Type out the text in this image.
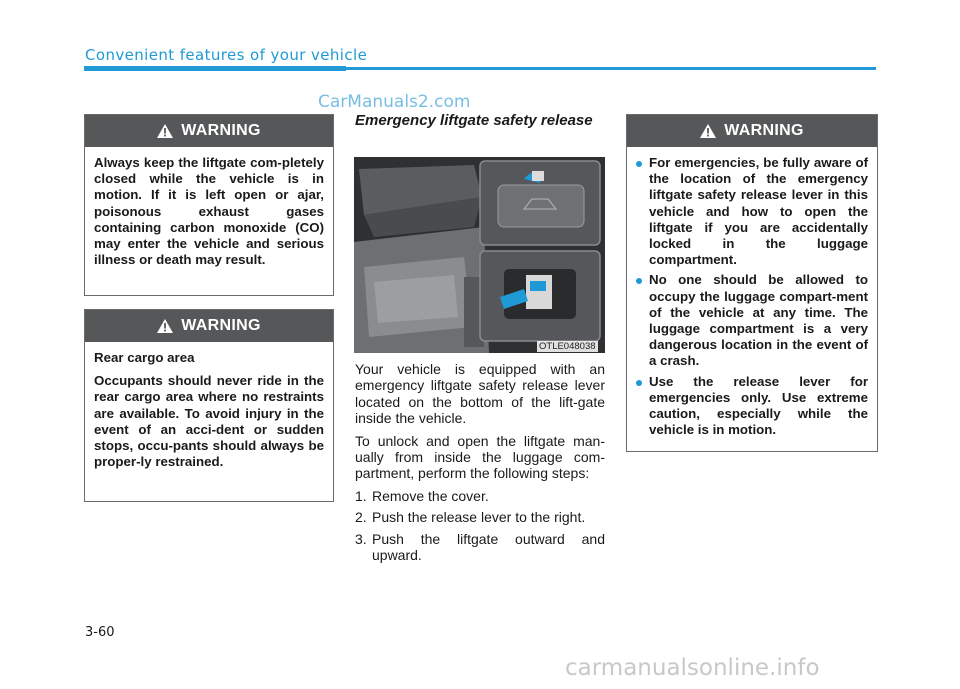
Convenient features of your vehicle
CarManuals2.com
WARNING

Always keep the liftgate com-pletely closed while the vehicle is in motion. If it is left open or ajar, poisonous exhaust gases containing carbon monoxide (CO) may enter the vehicle and serious illness or death may result.

WARNING

Rear cargo area

Occupants should never ride in the rear cargo area where no restraints are available. To avoid injury in the event of an acci-dent or sudden stops, occu-pants should always be proper-ly restrained.

Emergency liftgate safety release
OTLE048038

Your vehicle is equipped with an emergency liftgate safety release lever located on the bottom of the lift-gate inside the vehicle.

To unlock and open the liftgate man-ually from inside the luggage com-partment, perform the following steps:

1. Remove the cover.
2. Push the release lever to the right.
3. Push the liftgate outward and upward.
WARNING
For emergencies, be fully aware of the location of the emergency liftgate safety release lever in this vehicle and how to open the liftgate if you are accidentally locked in the luggage compartment.
No one should be allowed to occupy the luggage compart-ment of the vehicle at any time. The luggage compartment is a very dangerous location in the event of a crash.
Use the release lever for emergencies only. Use extreme caution, especially while the vehicle is in motion.
3-60
carmanualsonline.info
